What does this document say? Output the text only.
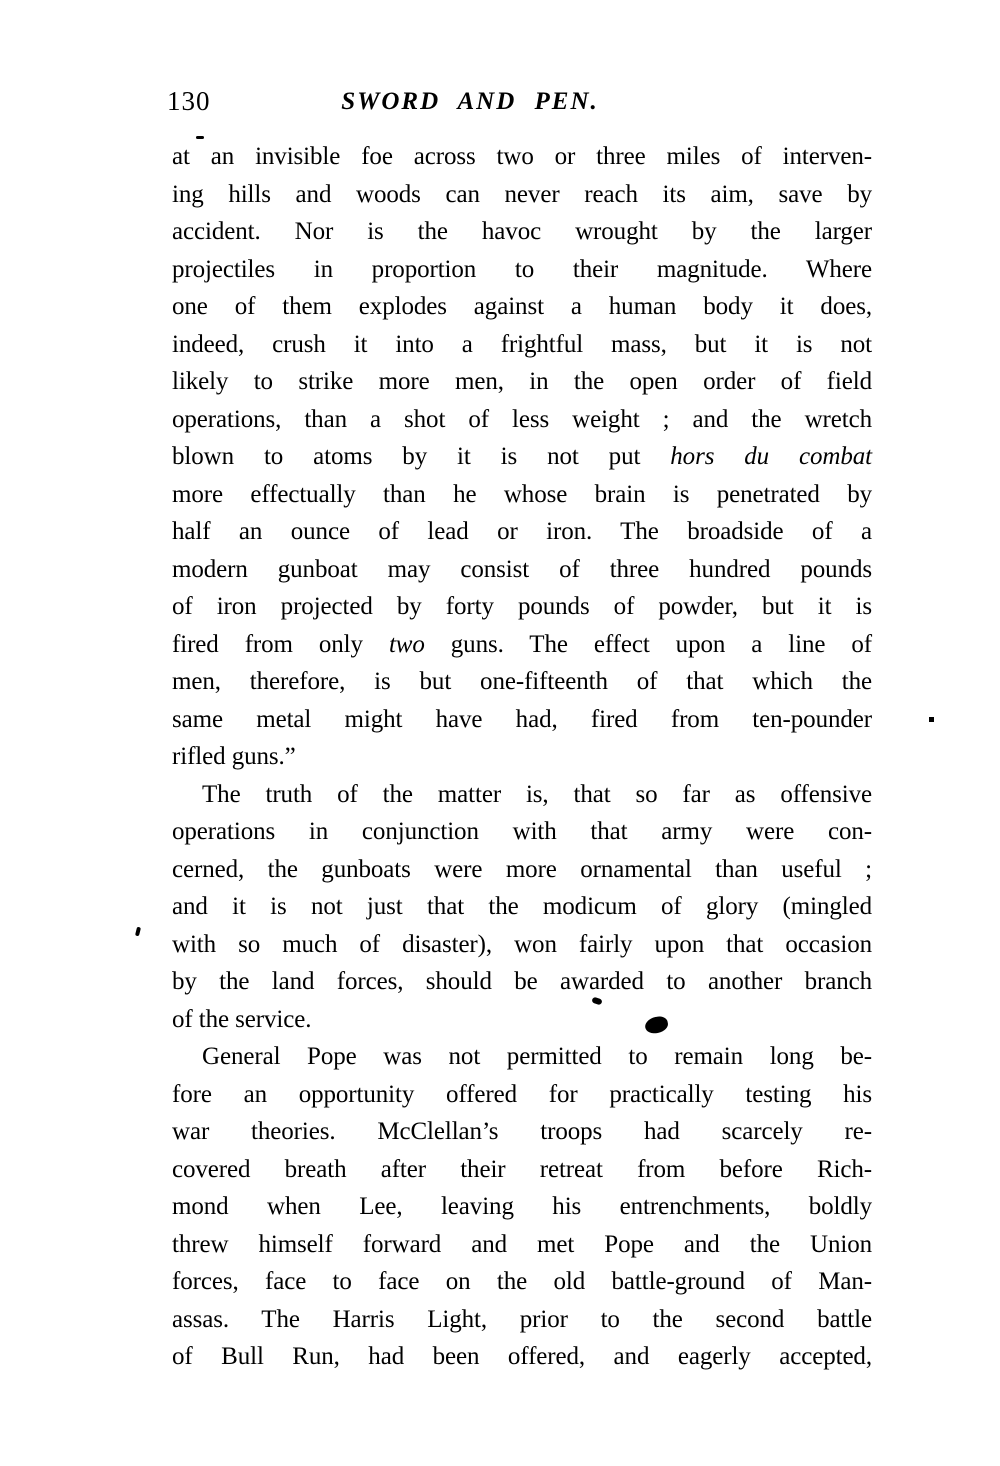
130	SWORD AND PEN.
at an invisible foe across two or three miles of interven-
ing hills and woods can never reach its aim, save by
accident. Nor is the havoc wrought by the larger
projectiles in proportion to their magnitude. Where
one of them explodes against a human body it does,
indeed, crush it into a frightful mass, but it is not
likely to strike more men, in the open order of field
operations, than a shot of less weight ; and the wretch
blown to atoms by it is not put hors du combat
more effectually than he whose brain is penetrated by
half an ounce of lead or iron. The broadside of a
modern gunboat may consist of three hundred pounds
of iron projected by forty pounds of powder, but it is
fired from only two guns. The effect upon a line of
men, therefore, is but one-fifteenth of that which the
same metal might have had, fired from ten-pounder
rifled guns.”
The truth of the matter is, that so far as offensive
operations in conjunction with that army were con-
cerned, the gunboats were more ornamental than useful ;
and it is not just that the modicum of glory (mingled
with so much of disaster), won fairly upon that occasion
by the land forces, should be awarded to another branch
of the service.
General Pope was not permitted to remain long be-
fore an opportunity offered for practically testing his
war theories. McClellan’s troops had scarcely re-
covered breath after their retreat from before Rich-
mond when Lee, leaving his entrenchments, boldly
threw himself forward and met Pope and the Union
forces, face to face on the old battle-ground of Man-
assas. The Harris Light, prior to the second battle
of Bull Run, had been offered, and eagerly accepted,
